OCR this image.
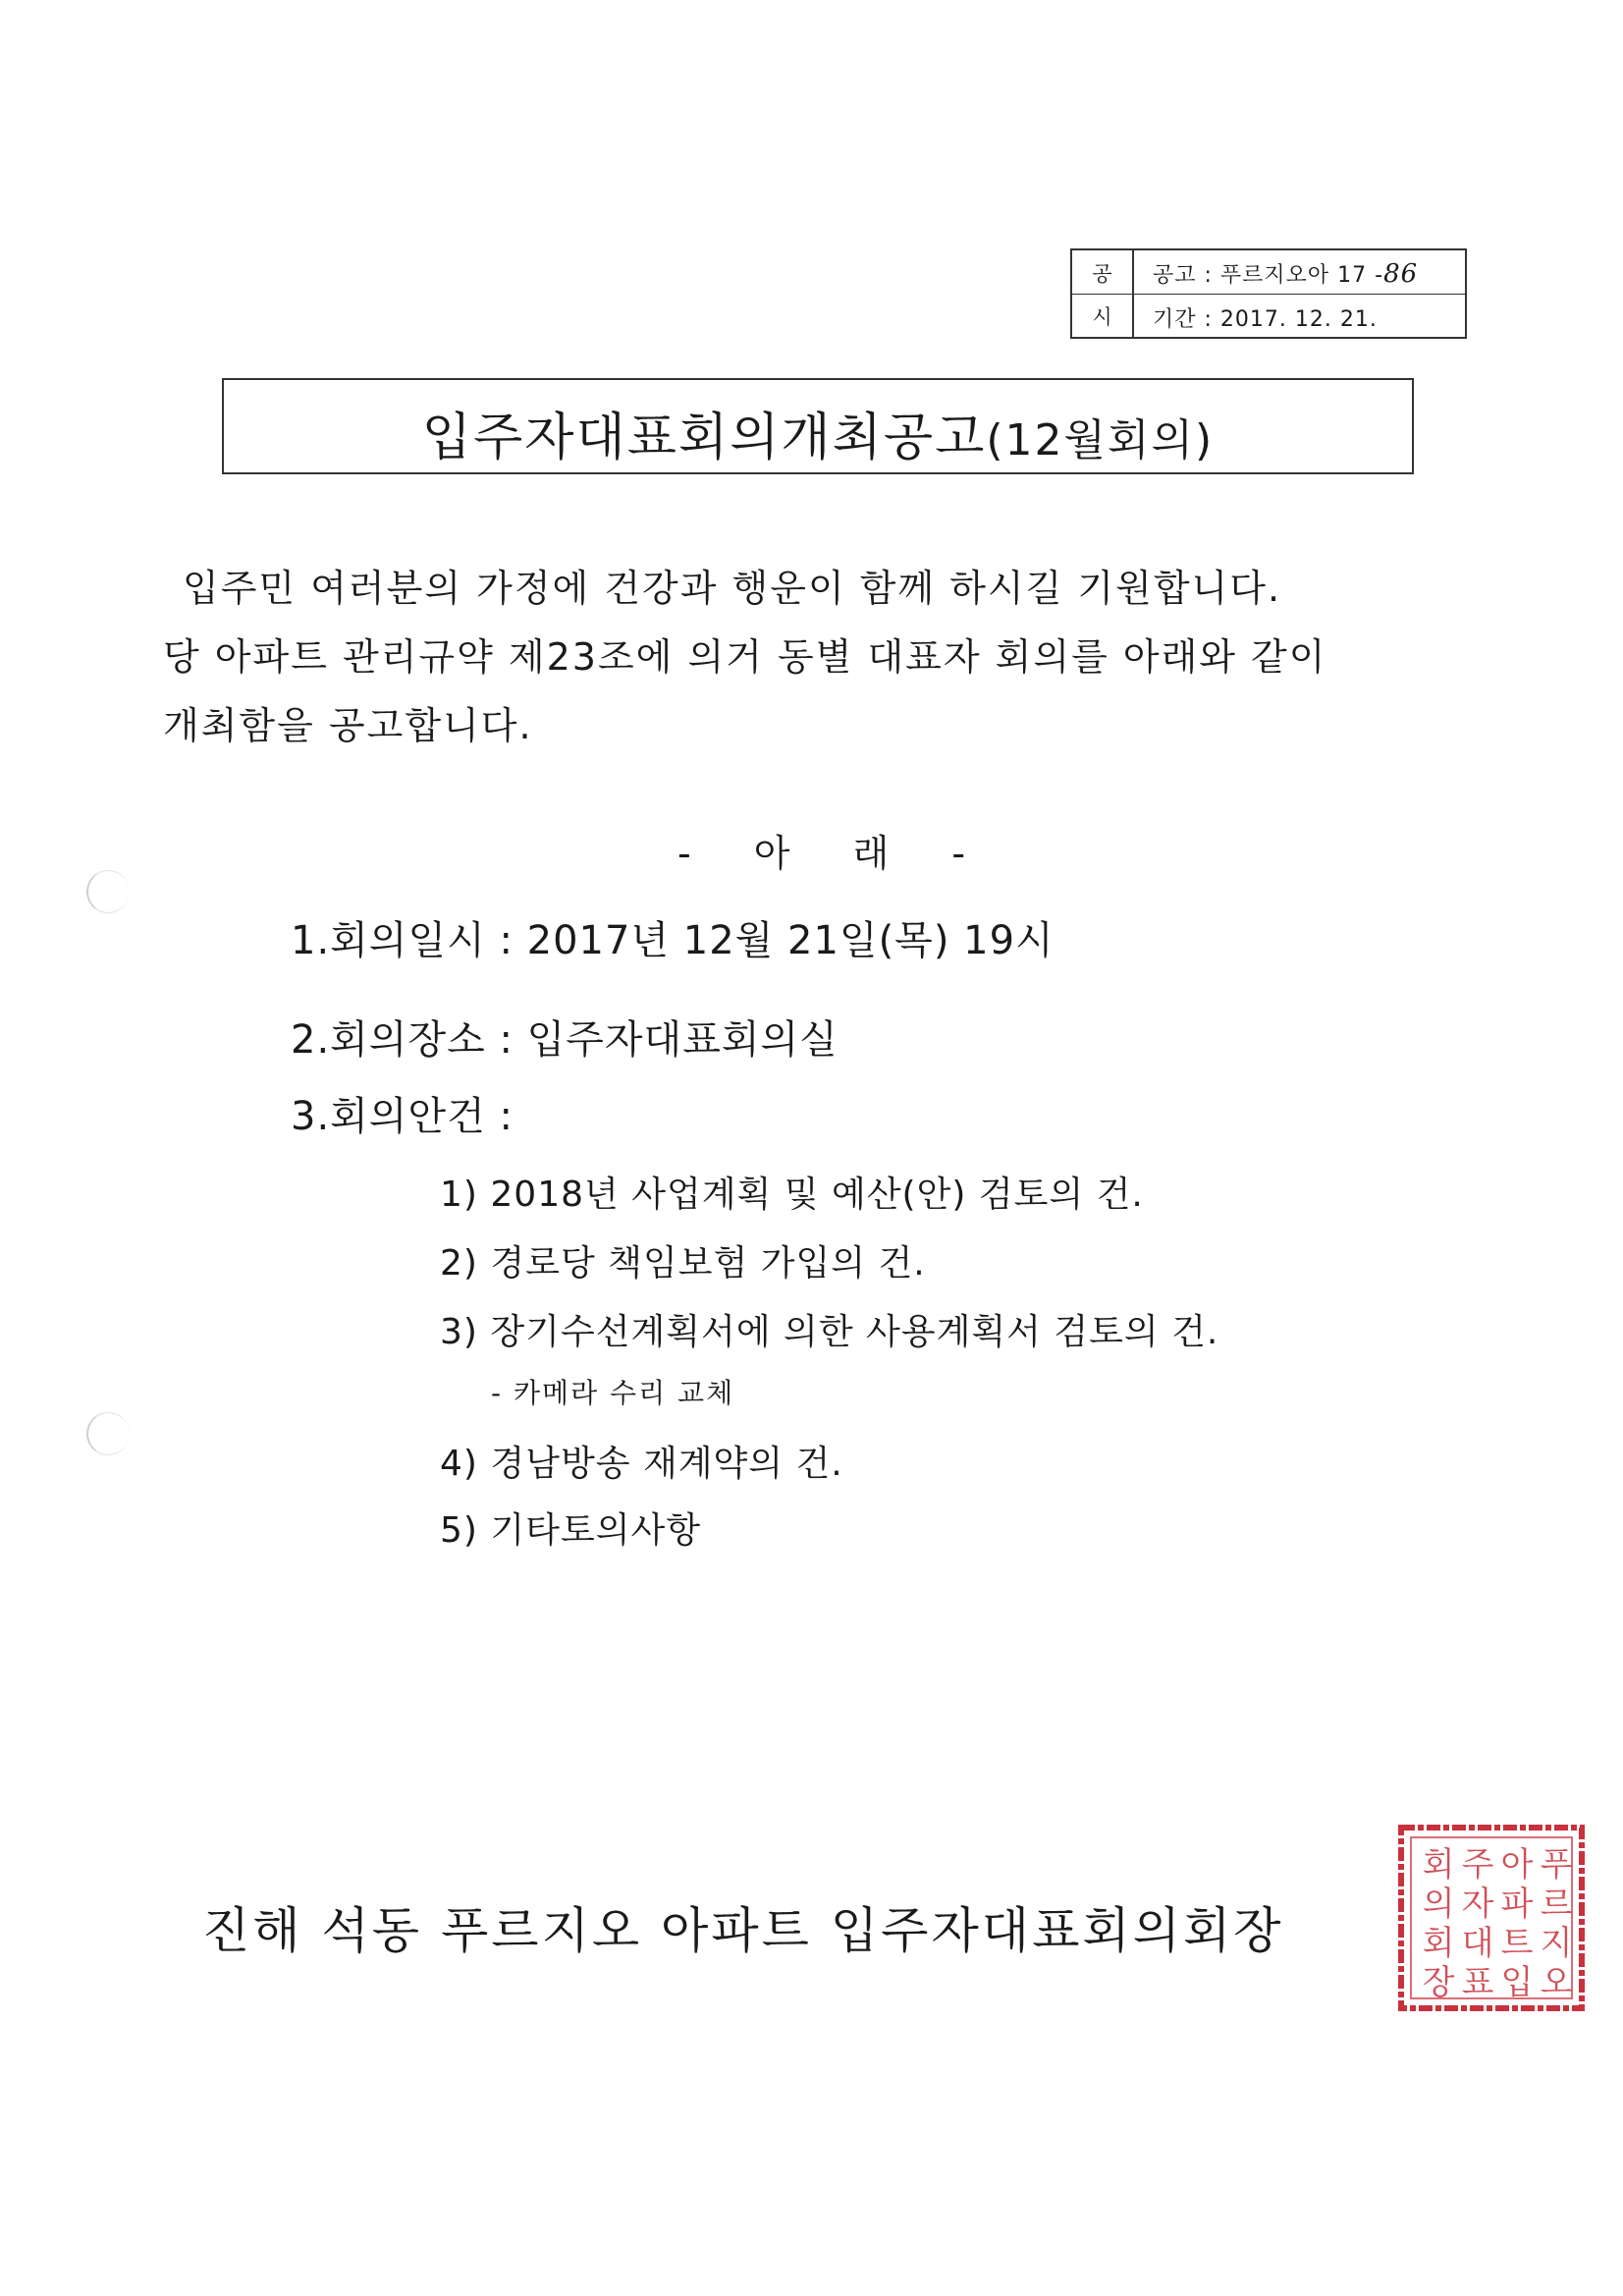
공
시
공고 : 푸르지오아 17 -86
기간 : 2017. 12. 21.
입주자대표회의개최공고(12월회의)
입주민 여러분의 가정에 건강과 행운이 함께 하시길 기원합니다.
당 아파트 관리규약 제23조에 의거 동별 대표자 회의를 아래와 같이
개최함을 공고합니다.
- 아 래 -
1.회의일시 : 2017년 12월 21일(목) 19시
2.회의장소 : 입주자대표회의실
3.회의안건 :
1) 2018년 사업계획 및 예산(안) 검토의 건.
2) 경로당 책임보험 가입의 건.
3) 장기수선계획서에 의한 사용계획서 검토의 건.
- 카메라 수리 교체
4) 경남방송 재계약의 건.
5) 기타토의사항
진해 석동 푸르지오 아파트 입주자대표회의회장
푸
르
지
오
아
파
트
입
주
자
대
표
회
의
회
장
